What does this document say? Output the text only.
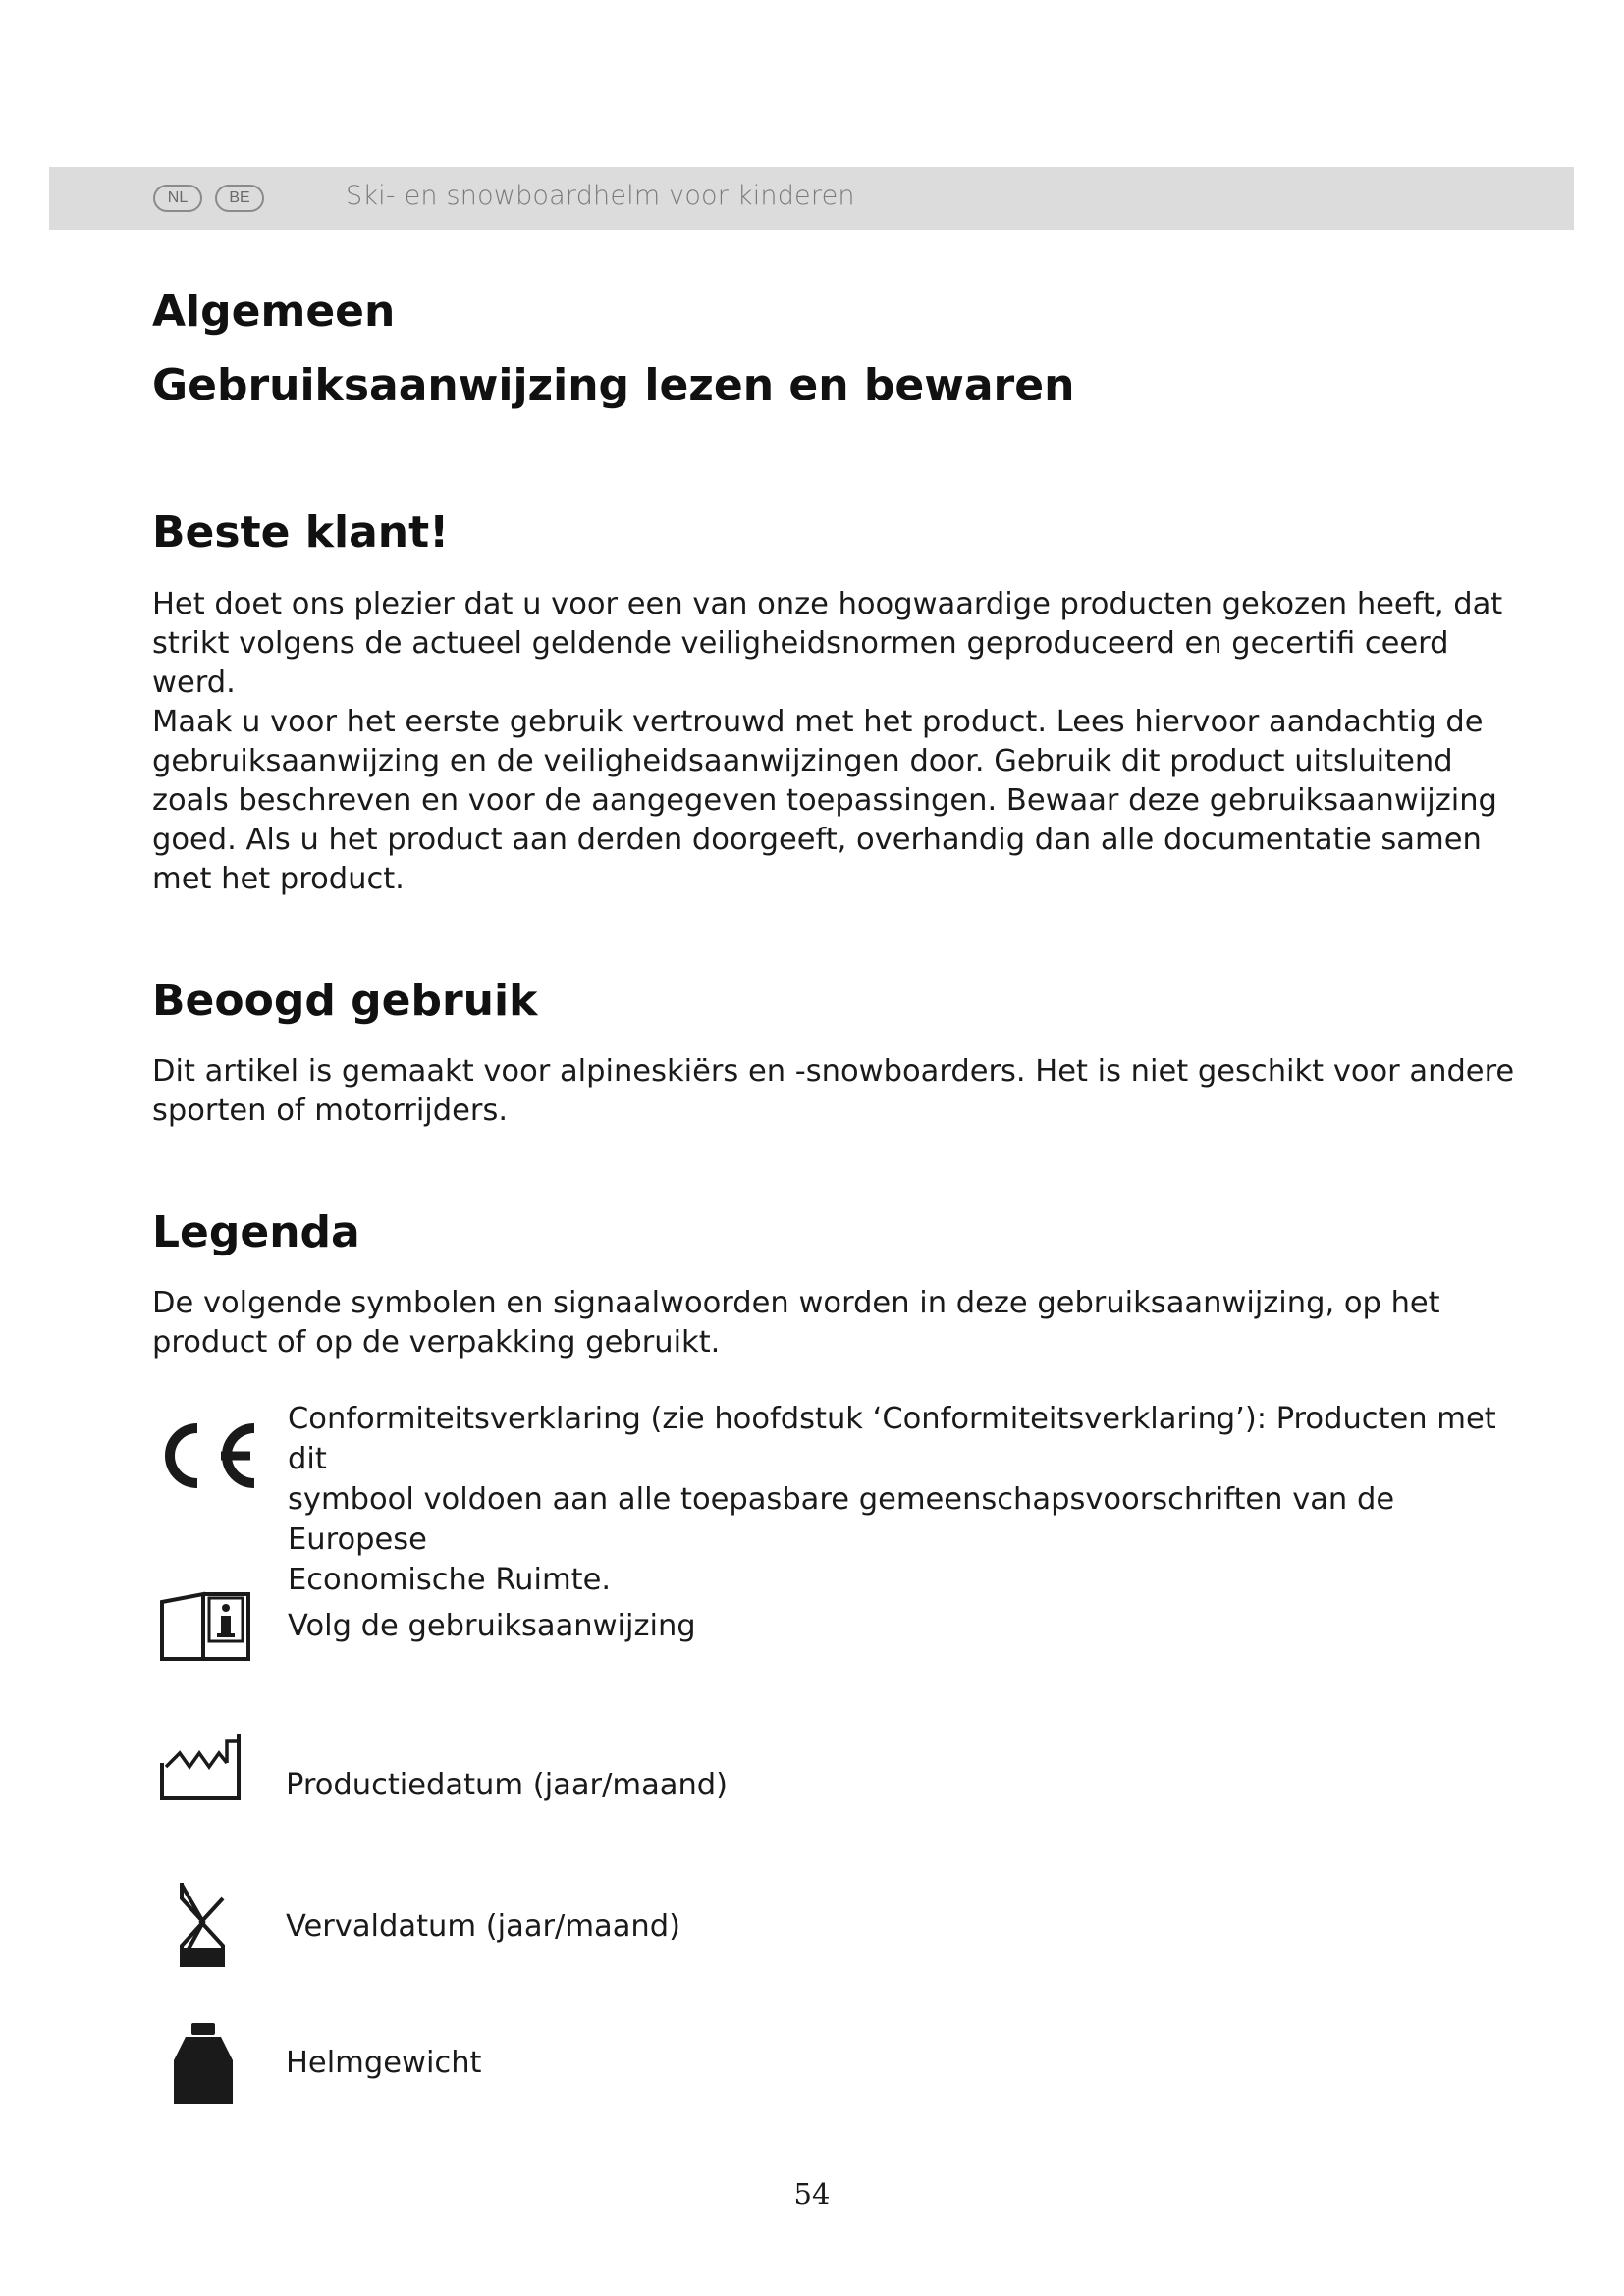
NL	BE	Ski- en snowboardhelm voor kinderen
Algemeen
Gebruiksaanwijzing lezen en bewaren
Beste klant!
Het doet ons plezier dat u voor een van onze hoogwaardige producten gekozen heeft, dat
strikt volgens de actueel geldende veiligheidsnormen geproduceerd en gecertifi ceerd werd.
Maak u voor het eerste gebruik vertrouwd met het product. Lees hiervoor aandachtig de
gebruiksaanwijzing en de veiligheidsaanwijzingen door. Gebruik dit product uitsluitend
zoals beschreven en voor de aangegeven toepassingen. Bewaar deze gebruiksaanwijzing
goed. Als u het product aan derden doorgeeft, overhandig dan alle documentatie samen
met het product.
Beoogd gebruik
Dit artikel is gemaakt voor alpineskiërs en -snowboarders. Het is niet geschikt voor andere
sporten of motorrijders.
Legenda
De volgende symbolen en signaalwoorden worden in deze gebruiksaanwijzing, op het
product of op de verpakking gebruikt.
Conformiteitsverklaring (zie hoofdstuk ‘Conformiteitsverklaring’): Producten met dit
symbool voldoen aan alle toepasbare gemeenschapsvoorschriften van de Europese
Economische Ruimte.
Volg de gebruiksaanwijzing
Productiedatum (jaar/maand)
Vervaldatum (jaar/maand)
Helmgewicht
54
